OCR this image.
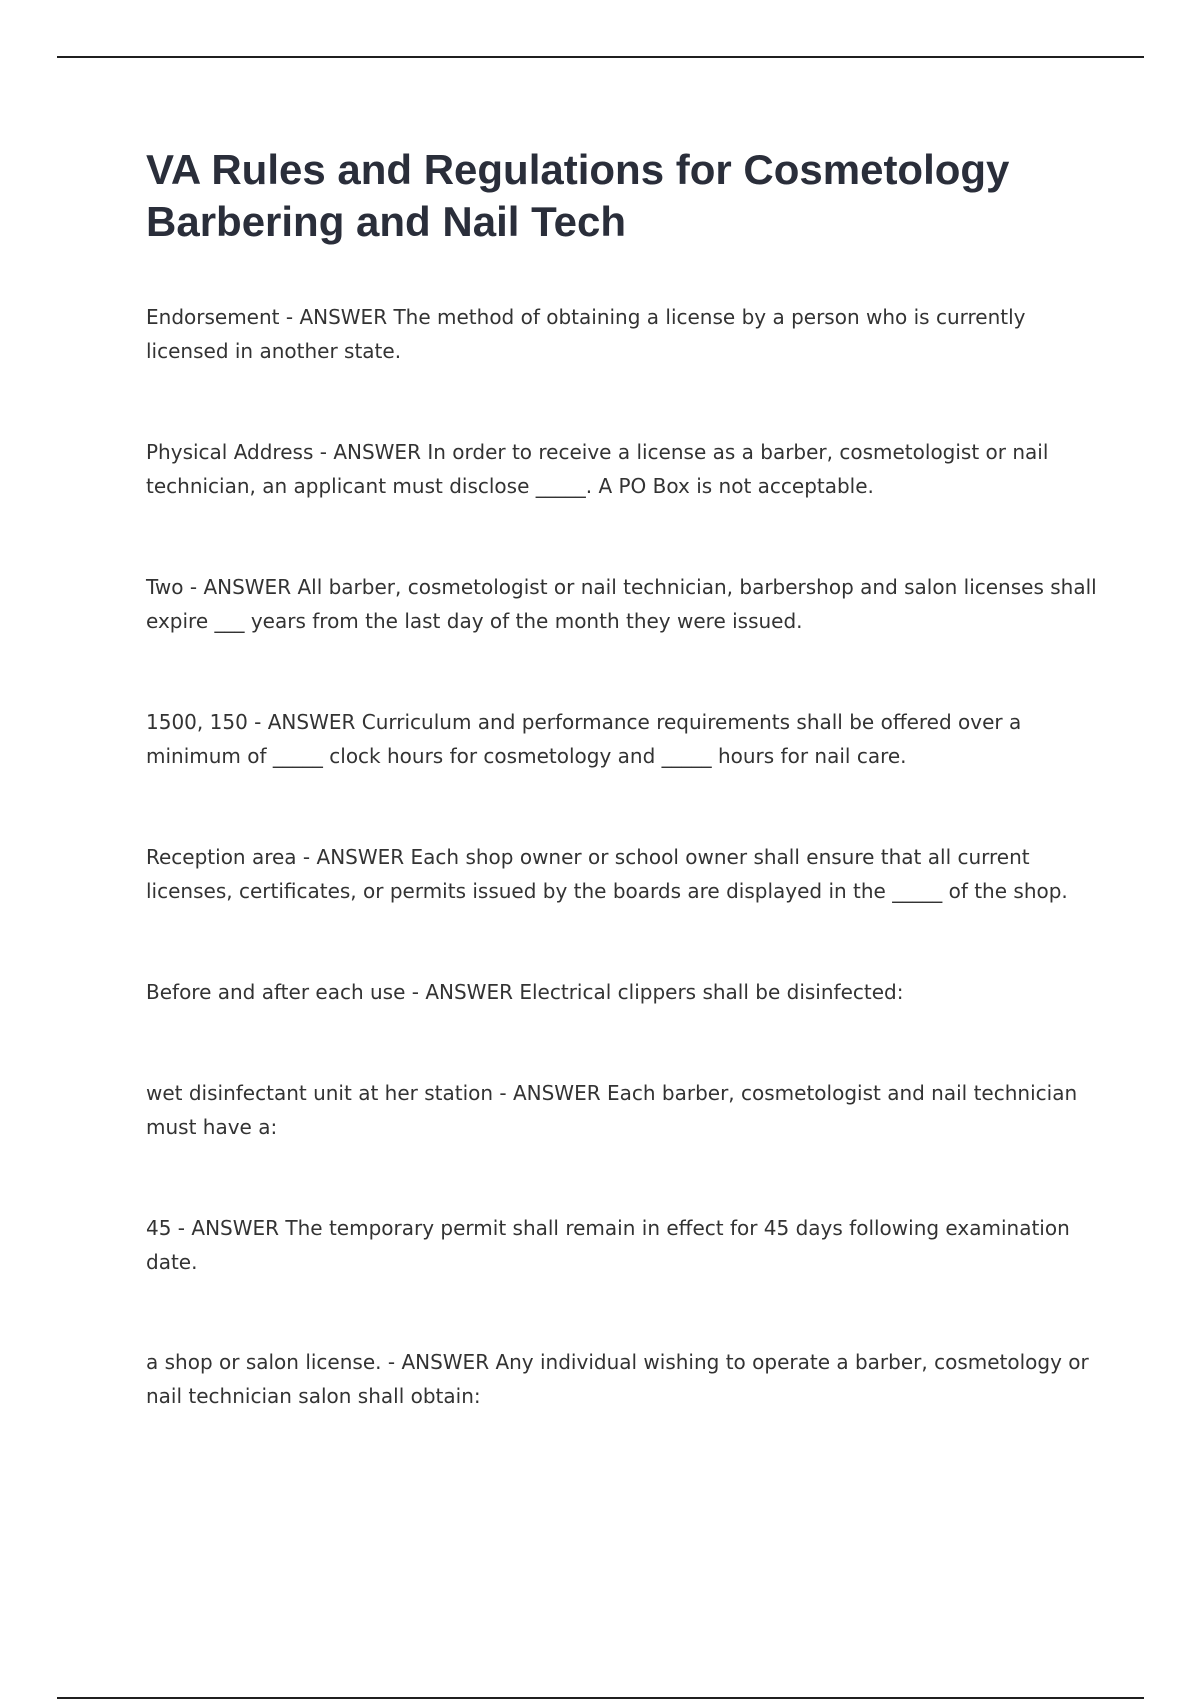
VA Rules and Regulations for Cosmetology Barbering and Nail Tech

Endorsement - ANSWER The method of obtaining a license by a person who is currently licensed in another state.

Physical Address - ANSWER In order to receive a license as a barber, cosmetologist or nail technician, an applicant must disclose _____. A PO Box is not acceptable.

Two - ANSWER All barber, cosmetologist or nail technician, barbershop and salon licenses shall expire ___ years from the last day of the month they were issued.

1500, 150 - ANSWER Curriculum and performance requirements shall be offered over a minimum of _____ clock hours for cosmetology and _____ hours for nail care.

Reception area - ANSWER Each shop owner or school owner shall ensure that all current licenses, certificates, or permits issued by the boards are displayed in the _____ of the shop.

Before and after each use - ANSWER Electrical clippers shall be disinfected:

wet disinfectant unit at her station - ANSWER Each barber, cosmetologist and nail technician must have a:

45 - ANSWER The temporary permit shall remain in effect for 45 days following examination date.

a shop or salon license. - ANSWER Any individual wishing to operate a barber, cosmetology or nail technician salon shall obtain:
